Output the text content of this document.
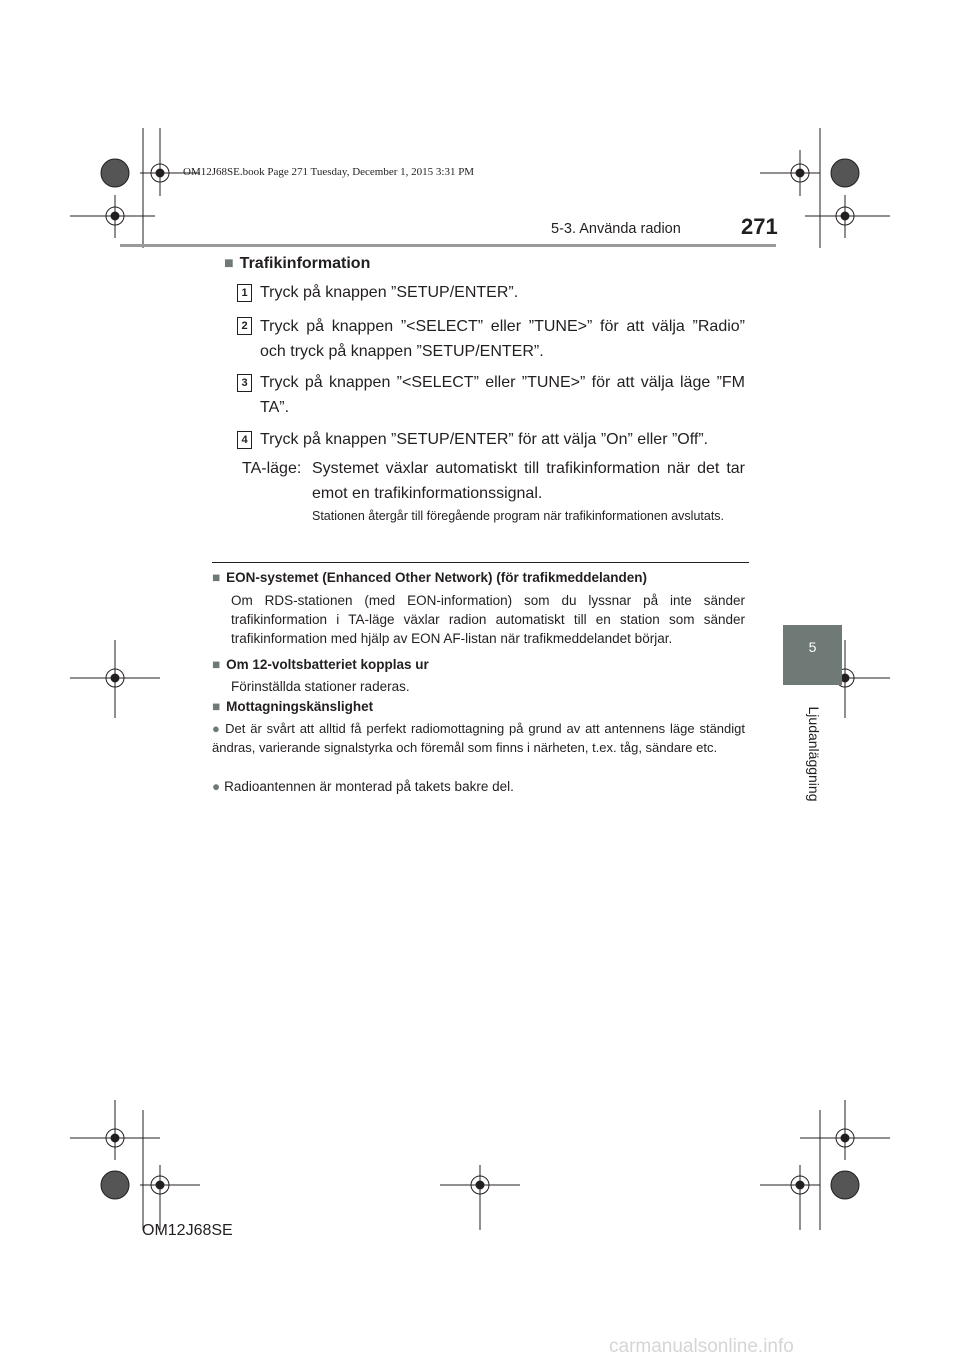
OM12J68SE.book Page 271 Tuesday, December 1, 2015 3:31 PM
5-3. Använda radion	271
5
Ljudanläggning
■ Trafikinformation
1 Tryck på knappen ”SETUP/ENTER”.
2 Tryck på knappen ”<SELECT” eller ”TUNE>” för att välja ”Radio” och tryck på knappen ”SETUP/ENTER”.
3 Tryck på knappen ”<SELECT” eller ”TUNE>” för att välja läge ”FM TA”.
4 Tryck på knappen ”SETUP/ENTER” för att välja ”On” eller ”Off”.
TA-läge: Systemet växlar automatiskt till trafikinformation när det tar emot en trafikinformationssignal.
Stationen återgår till föregående program när trafikinformationen avslutats.
■ EON-systemet (Enhanced Other Network) (för trafikmeddelanden)
Om RDS-stationen (med EON-information) som du lyssnar på inte sänder trafikinformation i TA-läge växlar radion automatiskt till en station som sänder trafikinformation med hjälp av EON AF-listan när trafikmeddelandet börjar.
■ Om 12-voltsbatteriet kopplas ur
Förinställda stationer raderas.
■ Mottagningskänslighet
● Det är svårt att alltid få perfekt radiomottagning på grund av att antennens läge ständigt ändras, varierande signalstyrka och föremål som finns i närheten, t.ex. tåg, sändare etc.
● Radioantennen är monterad på takets bakre del.
OM12J68SE
carmanualsonline.info
